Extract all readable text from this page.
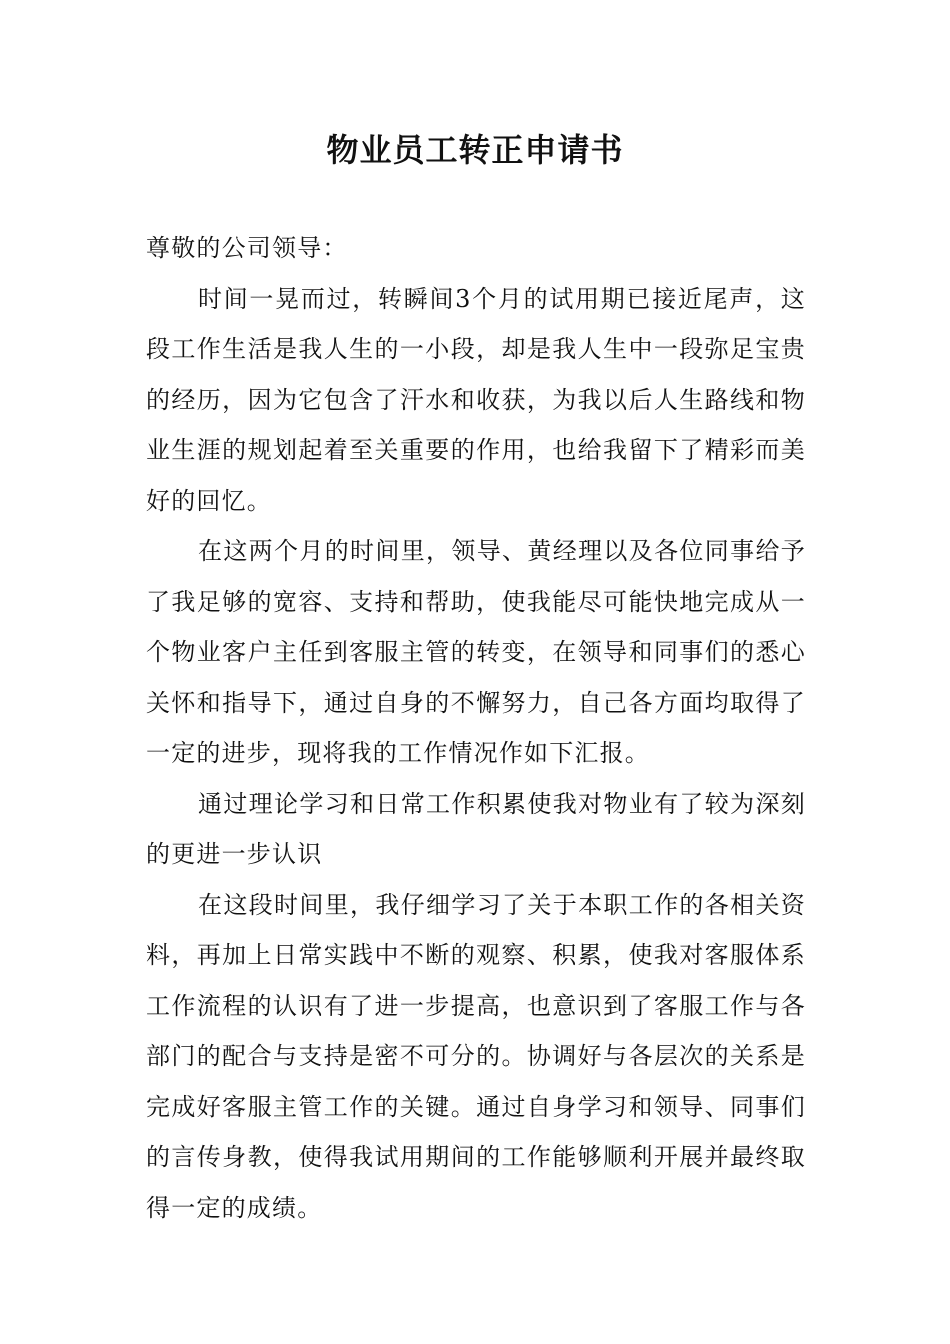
物业员工转正申请书

尊敬的公司领导：

时间一晃而过，转瞬间3个月的试用期已接近尾声，这段工作生活是我人生的一小段，却是我人生中一段弥足宝贵的经历，因为它包含了汗水和收获，为我以后人生路线和物业生涯的规划起着至关重要的作用，也给我留下了精彩而美好的回忆。

在这两个月的时间里，领导、黄经理以及各位同事给予了我足够的宽容、支持和帮助，使我能尽可能快地完成从一个物业客户主任到客服主管的转变，在领导和同事们的悉心关怀和指导下，通过自身的不懈努力，自己各方面均取得了一定的进步，现将我的工作情况作如下汇报。

通过理论学习和日常工作积累使我对物业有了较为深刻的更进一步认识

在这段时间里，我仔细学习了关于本职工作的各相关资料，再加上日常实践中不断的观察、积累，使我对客服体系工作流程的认识有了进一步提高，也意识到了客服工作与各部门的配合与支持是密不可分的。协调好与各层次的关系是完成好客服主管工作的关键。通过自身学习和领导、同事们的言传身教，使得我试用期间的工作能够顺利开展并最终取得一定的成绩。
